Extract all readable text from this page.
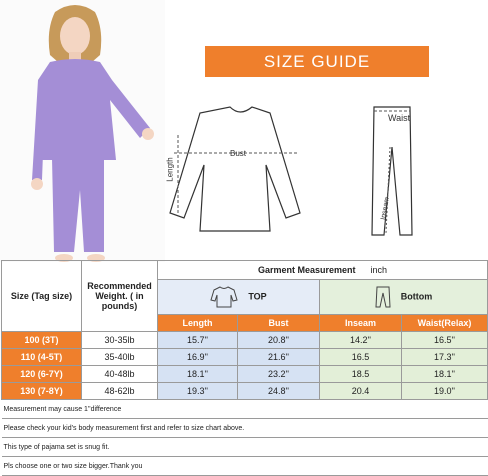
SIZE GUIDE
Bust
Length
Waist
Inseam
Size (Tag size)	Recommended Weight. ( in pounds)	Garment Measurement inch			
		TOP		Bottom	
		Length	Bust	Inseam	Waist(Relax)
100 (3T)	30-35lb	15.7''	20.8''	14.2''	16.5''
110 (4-5T)	35-40lb	16.9''	21.6''	16.5	17.3''
120 (6-7Y)	40-48lb	18.1''	23.2''	18.5	18.1''
130 (7-8Y)	48-62lb	19.3''	24.8''	20.4	19.0''
Measurement may cause 1''difference					
Please check your kid’s body measurement first and refer to size chart above.					
This type of pajama set is snug fit.					
Pls choose one or two size bigger.Thank you					
